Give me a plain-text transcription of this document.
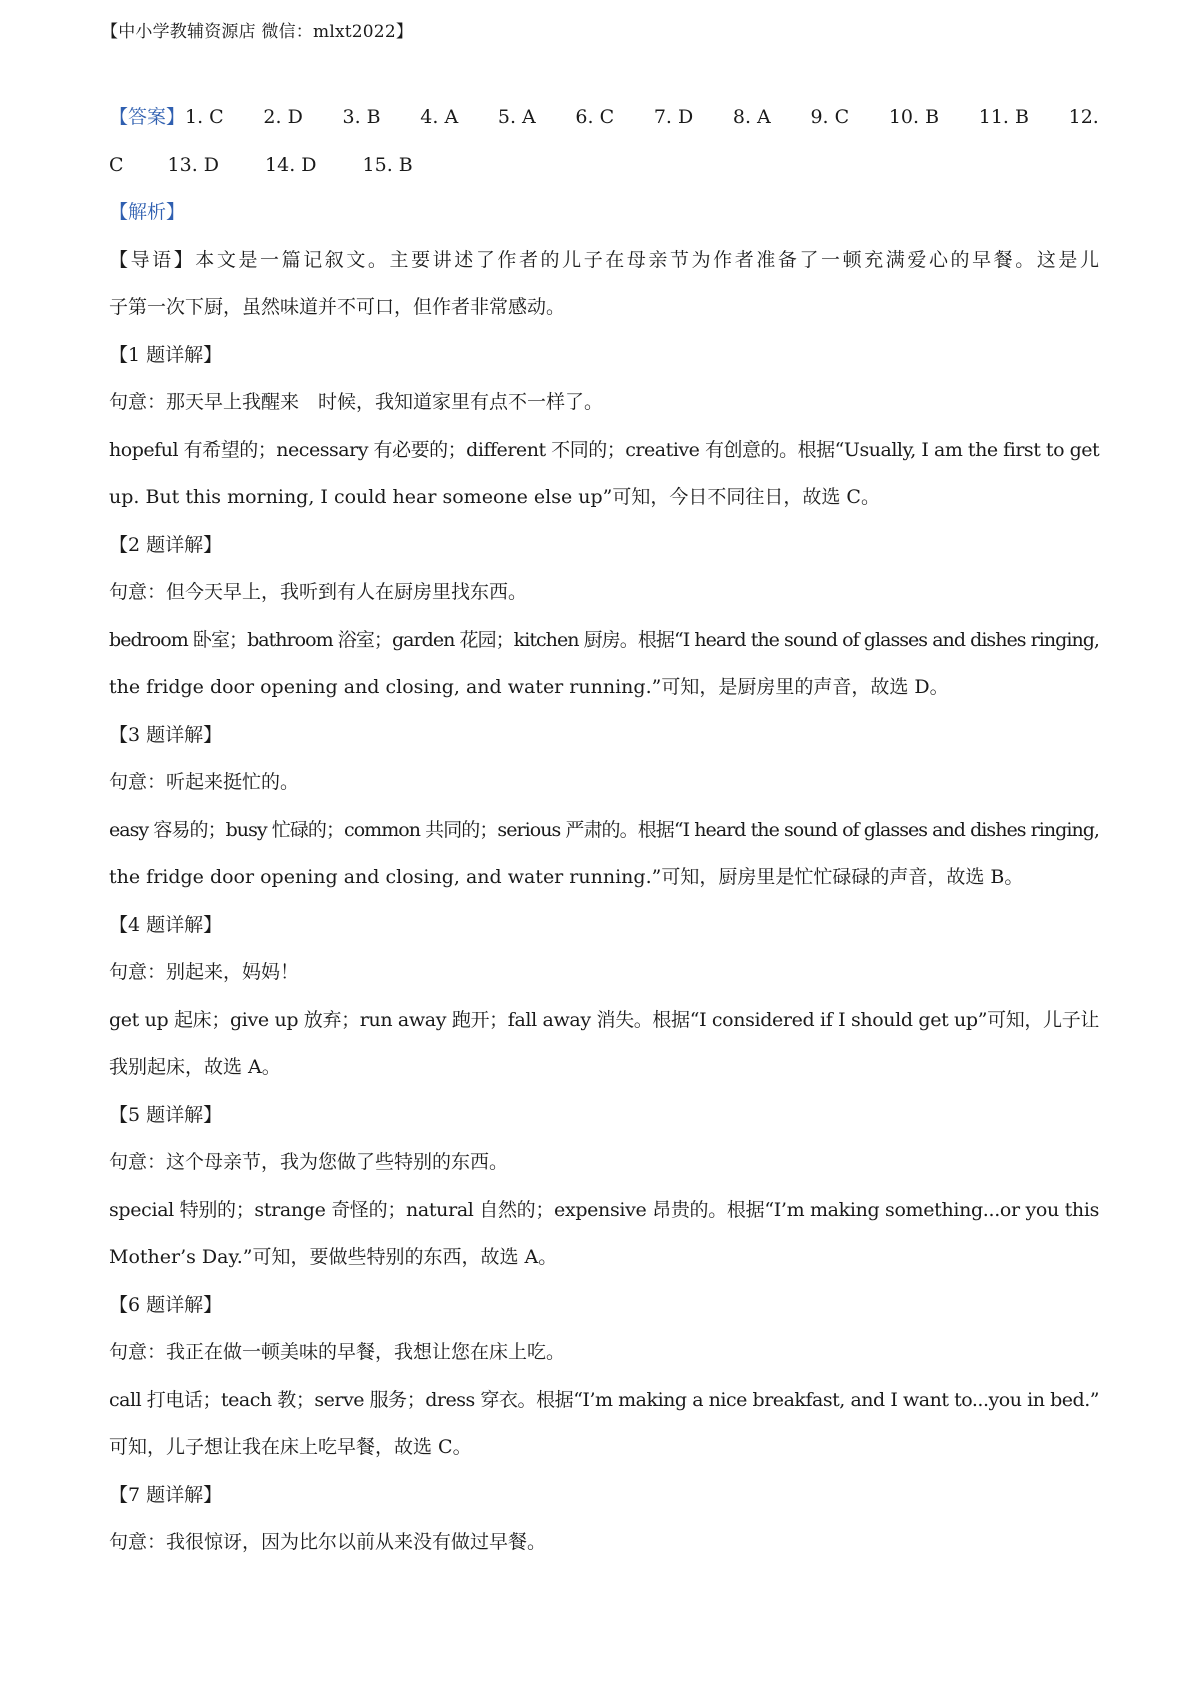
【中小学教辅资源店 微信：mlxt2022】
【答案】1. C 2. D 3. B 4. A 5. A 6. C 7. D 8. A 9. C 10. B 11. B 12.
C 13. D 14. D 15. B
【解析】
【导语】本文是一篇记叙文。主要讲述了作者的儿子在母亲节为作者准备了一顿充满爱心的早餐。这是儿
子第一次下厨，虽然味道并不可口，但作者非常感动。
【1 题详解】
句意：那天早上我醒来　时候，我知道家里有点不一样了。
hopeful 有希望的；necessary 有必要的；different 不同的；creative 有创意的。根据“Usually, I am the first to get
up. But this morning, I could hear someone else up”可知，今日不同往日，故选 C。
【2 题详解】
句意：但今天早上，我听到有人在厨房里找东西。
bedroom 卧室；bathroom 浴室；garden 花园；kitchen 厨房。根据“I heard the sound of glasses and dishes ringing,
the fridge door opening and closing, and water running.”可知，是厨房里的声音，故选 D。
【3 题详解】
句意：听起来挺忙的。
easy 容易的；busy 忙碌的；common 共同的；serious 严肃的。根据“I heard the sound of glasses and dishes ringing,
the fridge door opening and closing, and water running.”可知，厨房里是忙忙碌碌的声音，故选 B。
【4 题详解】
句意：别起来，妈妈！
get up 起床；give up 放弃；run away 跑开；fall away 消失。根据“I considered if I should get up”可知，儿子让
我别起床，故选 A。
【5 题详解】
句意：这个母亲节，我为您做了些特别的东西。
special 特别的；strange 奇怪的；natural 自然的；expensive 昂贵的。根据“I’m making something...or you this
Mother’s Day.”可知，要做些特别的东西，故选 A。
【6 题详解】
句意：我正在做一顿美味的早餐，我想让您在床上吃。
call 打电话；teach 教；serve 服务；dress 穿衣。根据“I’m making a nice breakfast, and I want to...you in bed.”
可知，儿子想让我在床上吃早餐，故选 C。
【7 题详解】
句意：我很惊讶，因为比尔以前从来没有做过早餐。
